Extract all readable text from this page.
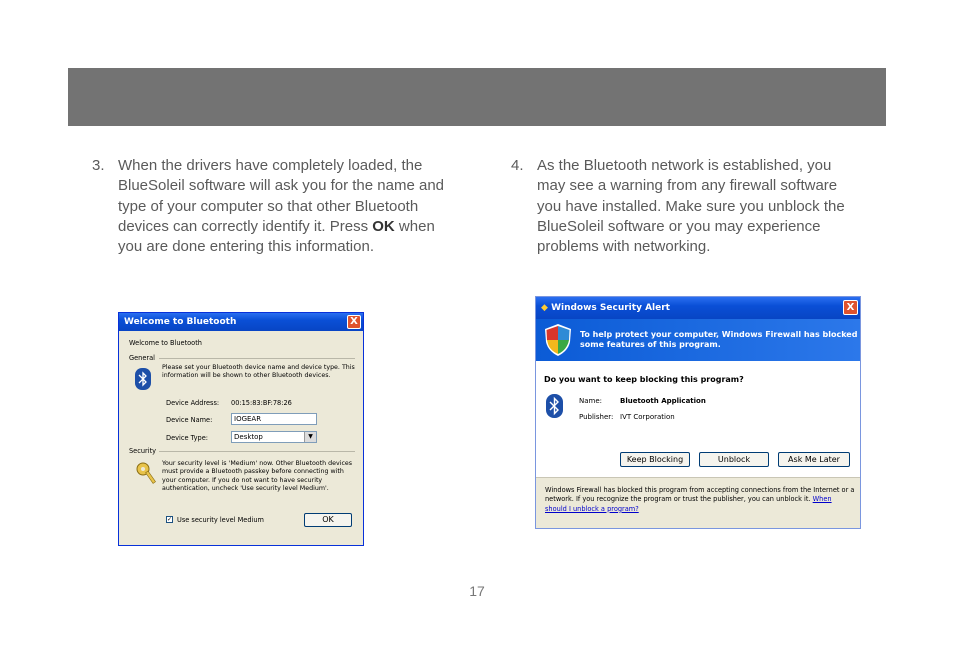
3. When the drivers have completely loaded, the BlueSoleil software will ask you for the name and type of your computer so that other Bluetooth devices can correctly identify it. Press OK when you are done entering this information.
4. As the Bluetooth network is established, you may see a warning from any firewall software you have installed. Make sure you unblock the BlueSoleil software or you may experience problems with networking.
Welcome to Bluetooth	X
Welcome to Bluetooth
General
Please set your Bluetooth device name and device type. This information will be shown to other Bluetooth devices.
Device Address: 00:15:83:BF:78:26
Device Name:	IOGEAR
Device Type:	Desktop	▼
Security
Your security level is 'Medium' now. Other Bluetooth devices must provide a Bluetooth passkey before connecting with your computer. If you do not want to have security authentication, uncheck 'Use security level Medium'.
✓ Use security level Medium	OK
◆ Windows Security Alert	X
To help protect your computer, Windows Firewall has blocked some features of this program.
Do you want to keep blocking this program?
Name:	Bluetooth Application
Publisher: IVT Corporation
Keep Blocking	Unblock	Ask Me Later
Windows Firewall has blocked this program from accepting connections from the Internet or a network. If you recognize the program or trust the publisher, you can unblock it. When should I unblock a program?
17
